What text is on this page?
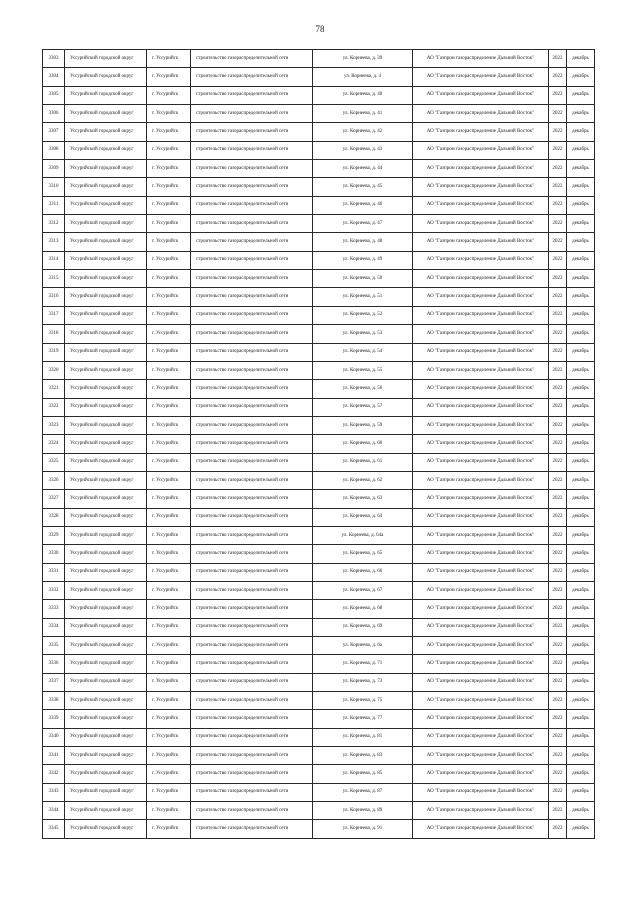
78
3303	Уссурийский городской округ	г. Уссурийск	строительство газораспределительной сети	ул. Корнеева, д. 39	АО "Газпром газораспределение Дальний Восток"	2022	декабрь
3304	Уссурийский городской округ	г. Уссурийск	строительство газораспределительной сети	ул. Корнеева, д. 4	АО "Газпром газораспределение Дальний Восток"	2022	декабрь
3305	Уссурийский городской округ	г. Уссурийск	строительство газораспределительной сети	ул. Корнеева, д. 40	АО "Газпром газораспределение Дальний Восток"	2022	декабрь
3306	Уссурийский городской округ	г. Уссурийск	строительство газораспределительной сети	ул. Корнеева, д. 41	АО "Газпром газораспределение Дальний Восток"	2022	декабрь
3307	Уссурийский городской округ	г. Уссурийск	строительство газораспределительной сети	ул. Корнеева, д. 42	АО "Газпром газораспределение Дальний Восток"	2022	декабрь
3308	Уссурийский городской округ	г. Уссурийск	строительство газораспределительной сети	ул. Корнеева, д. 43	АО "Газпром газораспределение Дальний Восток"	2022	декабрь
3309	Уссурийский городской округ	г. Уссурийск	строительство газораспределительной сети	ул. Корнеева, д. 44	АО "Газпром газораспределение Дальний Восток"	2022	декабрь
3310	Уссурийский городской округ	г. Уссурийск	строительство газораспределительной сети	ул. Корнеева, д. 45	АО "Газпром газораспределение Дальний Восток"	2022	декабрь
3311	Уссурийский городской округ	г. Уссурийск	строительство газораспределительной сети	ул. Корнеева, д. 46	АО "Газпром газораспределение Дальний Восток"	2022	декабрь
3312	Уссурийский городской округ	г. Уссурийск	строительство газораспределительной сети	ул. Корнеева, д. 47	АО "Газпром газораспределение Дальний Восток"	2022	декабрь
3313	Уссурийский городской округ	г. Уссурийск	строительство газораспределительной сети	ул. Корнеева, д. 48	АО "Газпром газораспределение Дальний Восток"	2022	декабрь
3314	Уссурийский городской округ	г. Уссурийск	строительство газораспределительной сети	ул. Корнеева, д. 49	АО "Газпром газораспределение Дальний Восток"	2022	декабрь
3315	Уссурийский городской округ	г. Уссурийск	строительство газораспределительной сети	ул. Корнеева, д. 50	АО "Газпром газораспределение Дальний Восток"	2022	декабрь
3316	Уссурийский городской округ	г. Уссурийск	строительство газораспределительной сети	ул. Корнеева, д. 51	АО "Газпром газораспределение Дальний Восток"	2022	декабрь
3317	Уссурийский городской округ	г. Уссурийск	строительство газораспределительной сети	ул. Корнеева, д. 52	АО "Газпром газораспределение Дальний Восток"	2022	декабрь
3318	Уссурийский городской округ	г. Уссурийск	строительство газораспределительной сети	ул. Корнеева, д. 53	АО "Газпром газораспределение Дальний Восток"	2022	декабрь
3319	Уссурийский городской округ	г. Уссурийск	строительство газораспределительной сети	ул. Корнеева, д. 54	АО "Газпром газораспределение Дальний Восток"	2022	декабрь
3320	Уссурийский городской округ	г. Уссурийск	строительство газораспределительной сети	ул. Корнеева, д. 55	АО "Газпром газораспределение Дальний Восток"	2022	декабрь
3321	Уссурийский городской округ	г. Уссурийск	строительство газораспределительной сети	ул. Корнеева, д. 56	АО "Газпром газораспределение Дальний Восток"	2022	декабрь
3322	Уссурийский городской округ	г. Уссурийск	строительство газораспределительной сети	ул. Корнеева, д. 57	АО "Газпром газораспределение Дальний Восток"	2022	декабрь
3323	Уссурийский городской округ	г. Уссурийск	строительство газораспределительной сети	ул. Корнеева, д. 59	АО "Газпром газораспределение Дальний Восток"	2022	декабрь
3324	Уссурийский городской округ	г. Уссурийск	строительство газораспределительной сети	ул. Корнеева, д. 60	АО "Газпром газораспределение Дальний Восток"	2022	декабрь
3325	Уссурийский городской округ	г. Уссурийск	строительство газораспределительной сети	ул. Корнеева, д. 61	АО "Газпром газораспределение Дальний Восток"	2022	декабрь
3326	Уссурийский городской округ	г. Уссурийск	строительство газораспределительной сети	ул. Корнеева, д. 62	АО "Газпром газораспределение Дальний Восток"	2022	декабрь
3327	Уссурийский городской округ	г. Уссурийск	строительство газораспределительной сети	ул. Корнеева, д. 63	АО "Газпром газораспределение Дальний Восток"	2022	декабрь
3328	Уссурийский городской округ	г. Уссурийск	строительство газораспределительной сети	ул. Корнеева, д. 64	АО "Газпром газораспределение Дальний Восток"	2022	декабрь
3329	Уссурийский городской округ	г. Уссурийск	строительство газораспределительной сети	ул. Корнеева, д. 64а	АО "Газпром газораспределение Дальний Восток"	2022	декабрь
3330	Уссурийский городской округ	г. Уссурийск	строительство газораспределительной сети	ул. Корнеева, д. 65	АО "Газпром газораспределение Дальний Восток"	2022	декабрь
3331	Уссурийский городской округ	г. Уссурийск	строительство газораспределительной сети	ул. Корнеева, д. 66	АО "Газпром газораспределение Дальний Восток"	2022	декабрь
3332	Уссурийский городской округ	г. Уссурийск	строительство газораспределительной сети	ул. Корнеева, д. 67	АО "Газпром газораспределение Дальний Восток"	2022	декабрь
3333	Уссурийский городской округ	г. Уссурийск	строительство газораспределительной сети	ул. Корнеева, д. 68	АО "Газпром газораспределение Дальний Восток"	2022	декабрь
3334	Уссурийский городской округ	г. Уссурийск	строительство газораспределительной сети	ул. Корнеева, д. 69	АО "Газпром газораспределение Дальний Восток"	2022	декабрь
3335	Уссурийский городской округ	г. Уссурийск	строительство газораспределительной сети	ул. Корнеева, д. 6а	АО "Газпром газораспределение Дальний Восток"	2022	декабрь
3336	Уссурийский городской округ	г. Уссурийск	строительство газораспределительной сети	ул. Корнеева, д. 71	АО "Газпром газораспределение Дальний Восток"	2022	декабрь
3337	Уссурийский городской округ	г. Уссурийск	строительство газораспределительной сети	ул. Корнеева, д. 73	АО "Газпром газораспределение Дальний Восток"	2022	декабрь
3338	Уссурийский городской округ	г. Уссурийск	строительство газораспределительной сети	ул. Корнеева, д. 75	АО "Газпром газораспределение Дальний Восток"	2022	декабрь
3339	Уссурийский городской округ	г. Уссурийск	строительство газораспределительной сети	ул. Корнеева, д. 77	АО "Газпром газораспределение Дальний Восток"	2022	декабрь
3340	Уссурийский городской округ	г. Уссурийск	строительство газораспределительной сети	ул. Корнеева, д. 81	АО "Газпром газораспределение Дальний Восток"	2022	декабрь
3341	Уссурийский городской округ	г. Уссурийск	строительство газораспределительной сети	ул. Корнеева, д. 83	АО "Газпром газораспределение Дальний Восток"	2022	декабрь
3342	Уссурийский городской округ	г. Уссурийск	строительство газораспределительной сети	ул. Корнеева, д. 85	АО "Газпром газораспределение Дальний Восток"	2022	декабрь
3343	Уссурийский городской округ	г. Уссурийск	строительство газораспределительной сети	ул. Корнеева, д. 87	АО "Газпром газораспределение Дальний Восток"	2022	декабрь
3344	Уссурийский городской округ	г. Уссурийск	строительство газораспределительной сети	ул. Корнеева, д. 89	АО "Газпром газораспределение Дальний Восток"	2022	декабрь
3345	Уссурийский городской округ	г. Уссурийск	строительство газораспределительной сети	ул. Корнеева, д. 91	АО "Газпром газораспределение Дальний Восток"	2022	декабрь
